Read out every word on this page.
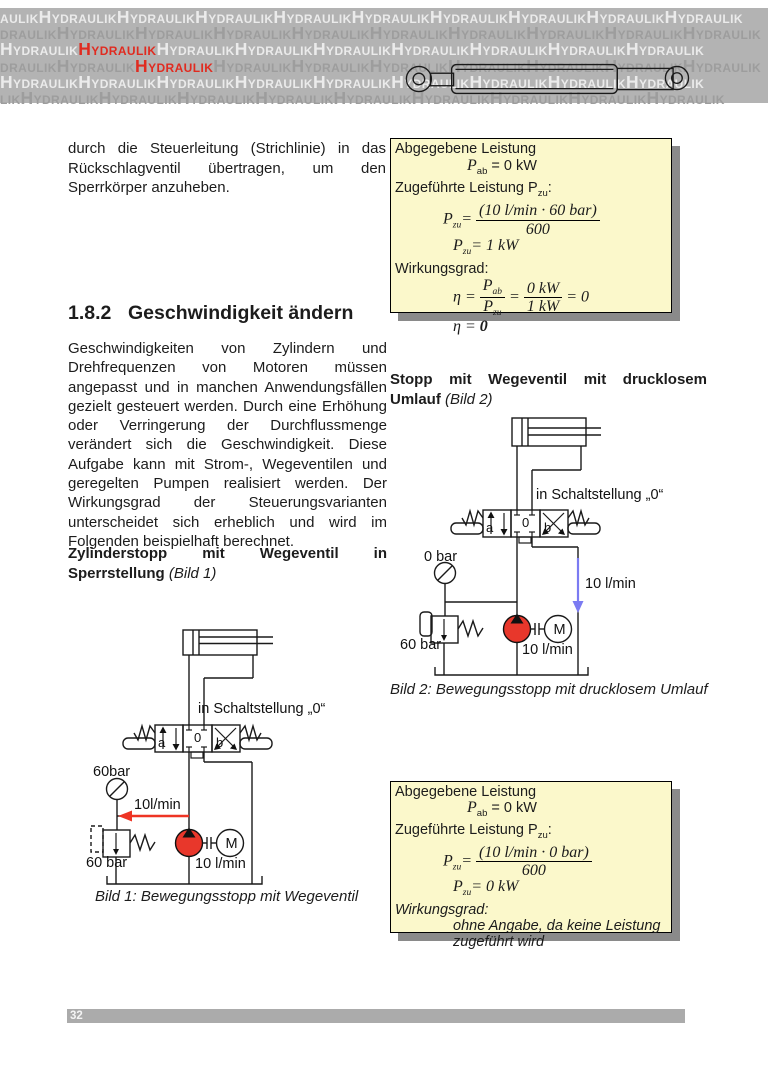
aulikHydraulikHydraulikHydraulikHydraulikHydraulikHydraulikHydraulikHydraulikHydraulik
draulikHydraulikHydraulikHydraulikHydraulikHydraulikHydraulikHydraulikHydraulikHydraulik
HydraulikHydraulikHydraulikHydraulikHydraulikHydraulikHydraulikHydraulikHydraulik
draulikHydraulikHydraulikHydraulikHydraulikHydraulikHydraulikHydraulikHydraulikHydraulik
HydraulikHydraulikHydraulikHydraulikHydraulikHydraulikHydraulikHydraulikHydraulik
likHydraulikHydraulikHydraulikHydraulikHydraulikHydraulikHydraulikHydraulikHydraulik

durch die Steuerleitung (Strichlinie) in das Rückschlagventil übertragen, um den Sperrkörper anzuheben.

1.8.2 Geschwindigkeit ändern

Geschwindigkeiten von Zylindern und Drehfrequenzen von Motoren müssen angepasst und in manchen Anwendungsfällen gezielt gesteuert werden. Durch eine Erhöhung oder Verringerung der Durchflussmenge verändert sich die Geschwindigkeit. Diese Aufgabe kann mit Strom-, Wegeventilen und geregelten Pumpen realisiert werden. Der Wirkungsgrad der Steuerungsvarianten unterscheidet sich erheblich und wird im Folgenden beispielhaft berechnet.

Zylinderstopp mit Wegeventil in Sperrstellung (Bild 1)

in Schaltstellung „0“
a 0 b
60bar
10l/min
60 bar	10 l/min
M

Bild 1: Bewegungsstopp mit Wegeventil

Abgegebene Leistung
$P_{ab} = 0$ kW
Zugeführte Leistung $P_{zu}$:
$P_{zu}= \frac{\text{(10 l/min · 60 bar)}}{600}$
$P_{zu}= 1$ kW
Wirkungsgrad:
$\eta = \frac{P_{ab}}{P_{zu}} = \frac{0 kW}{1 kW} = 0$
η = 0

Stopp mit Wegeventil mit drucklosem Umlauf (Bild 2)

in Schaltstellung „0“
a 0 b
0 bar
10 l/min
60 bar	10 l/min
M

Bild 2: Bewegungsstopp mit drucklosem Umlauf

Abgegebene Leistung
$P_{ab} = 0$ kW
Zugeführte Leistung $P_{zu}$:
$P_{zu}= \frac{\text{(10 l/min · 0 bar)}}{600}$
$P_{zu}= 0$ kW
Wirkungsgrad:
ohne Angabe, da keine Leistung
zugeführt wird
32
